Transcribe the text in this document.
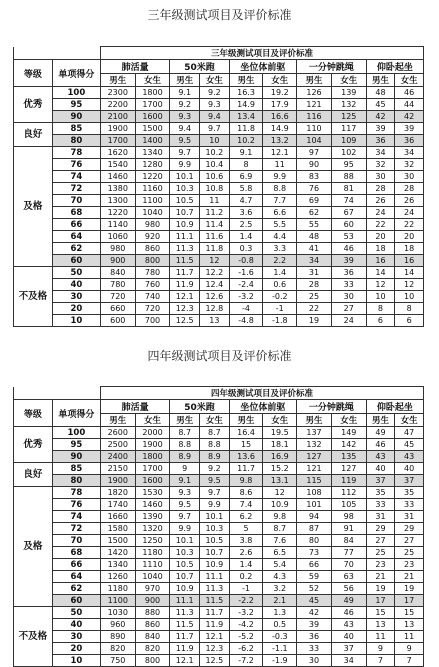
三年级测试项目及评价标准
		三年级测试项目及评价标准									
等级	单项得分	肺活量		50米跑		坐位体前驱		一分钟跳绳		仰卧起坐	
		男生	女生	男生	女生	男生	女生	男生	女生	男生	女生
优秀	100	2300	1800	9.1	9.2	16.3	19.2	126	139	48	46
	95	2200	1700	9.2	9.3	14.9	17.9	121	132	45	44
	90	2100	1600	9.3	9.4	13.4	16.6	116	125	42	42
良好	85	1900	1500	9.4	9.7	11.8	14.9	110	117	39	39
	80	1700	1400	9.5	10	10.2	13.2	104	109	36	36
及格	78	1620	1340	9.7	10.2	9.1	12.1	97	102	34	34
	76	1540	1280	9.9	10.4	8	11	90	95	32	32
	74	1460	1220	10.1	10.6	6.9	9.9	83	88	30	30
	72	1380	1160	10.3	10.8	5.8	8.8	76	81	28	28
	70	1300	1100	10.5	11	4.7	7.7	69	74	26	26
	68	1220	1040	10.7	11.2	3.6	6.6	62	67	24	24
	66	1140	980	10.9	11.4	2.5	5.5	55	60	22	22
	64	1060	920	11.1	11.6	1.4	4.4	48	53	20	20
	62	980	860	11.3	11.8	0.3	3.3	41	46	18	18
	60	900	800	11.5	12	-0.8	2.2	34	39	16	16
不及格	50	840	780	11.7	12.2	-1.6	1.4	31	36	14	14
	40	780	760	11.9	12.4	-2.4	0.6	28	33	12	12
	30	720	740	12.1	12.6	-3.2	-0.2	25	30	10	10
	20	660	720	12.3	12.8	-4	-1	22	27	8	8
	10	600	700	12.5	13	-4.8	-1.8	19	24	6	6
四年级测试项目及评价标准
		四年级测试项目及评价标准									
等级	单项得分	肺活量		50米跑		坐位体前驱		一分钟跳绳		仰卧起坐	
		男生	女生	男生	女生	男生	女生	男生	女生	男生	女生
优秀	100	2600	2000	8.7	8.7	16.4	19.5	137	149	49	47
	95	2500	1900	8.8	8.8	15	18.1	132	142	46	45
	90	2400	1800	8.9	8.9	13.6	16.9	127	135	43	43
良好	85	2150	1700	9	9.2	11.7	15.2	121	127	40	40
	80	1900	1600	9.1	9.5	9.8	13.1	115	119	37	37
及格	78	1820	1530	9.3	9.7	8.6	12	108	112	35	35
	76	1740	1460	9.5	9.9	7.4	10.9	101	105	33	33
	74	1660	1390	9.7	10.1	6.2	9.8	94	98	31	31
	72	1580	1320	9.9	10.3	5	8.7	87	91	29	29
	70	1500	1250	10.1	10.5	3.8	7.6	80	84	27	27
	68	1420	1180	10.3	10.7	2.6	6.5	73	77	25	25
	66	1340	1110	10.5	10.9	1.4	5.4	66	70	23	23
	64	1260	1040	10.7	11.1	0.2	4.3	59	63	21	21
	62	1180	970	10.9	11.3	-1	3.2	52	56	19	19
	60	1100	900	11.1	11.5	-2.2	2.1	45	49	17	17
不及格	50	1030	880	11.3	11.7	-3.2	1.3	42	46	15	15
	40	960	860	11.5	11.9	-4.2	0.5	39	43	13	13
	30	890	840	11.7	12.1	-5.2	-0.3	36	40	11	11
	20	820	820	11.9	12.3	-6.2	-1.1	33	37	9	9
	10	750	800	12.1	12.5	-7.2	-1.9	30	34	7	7
